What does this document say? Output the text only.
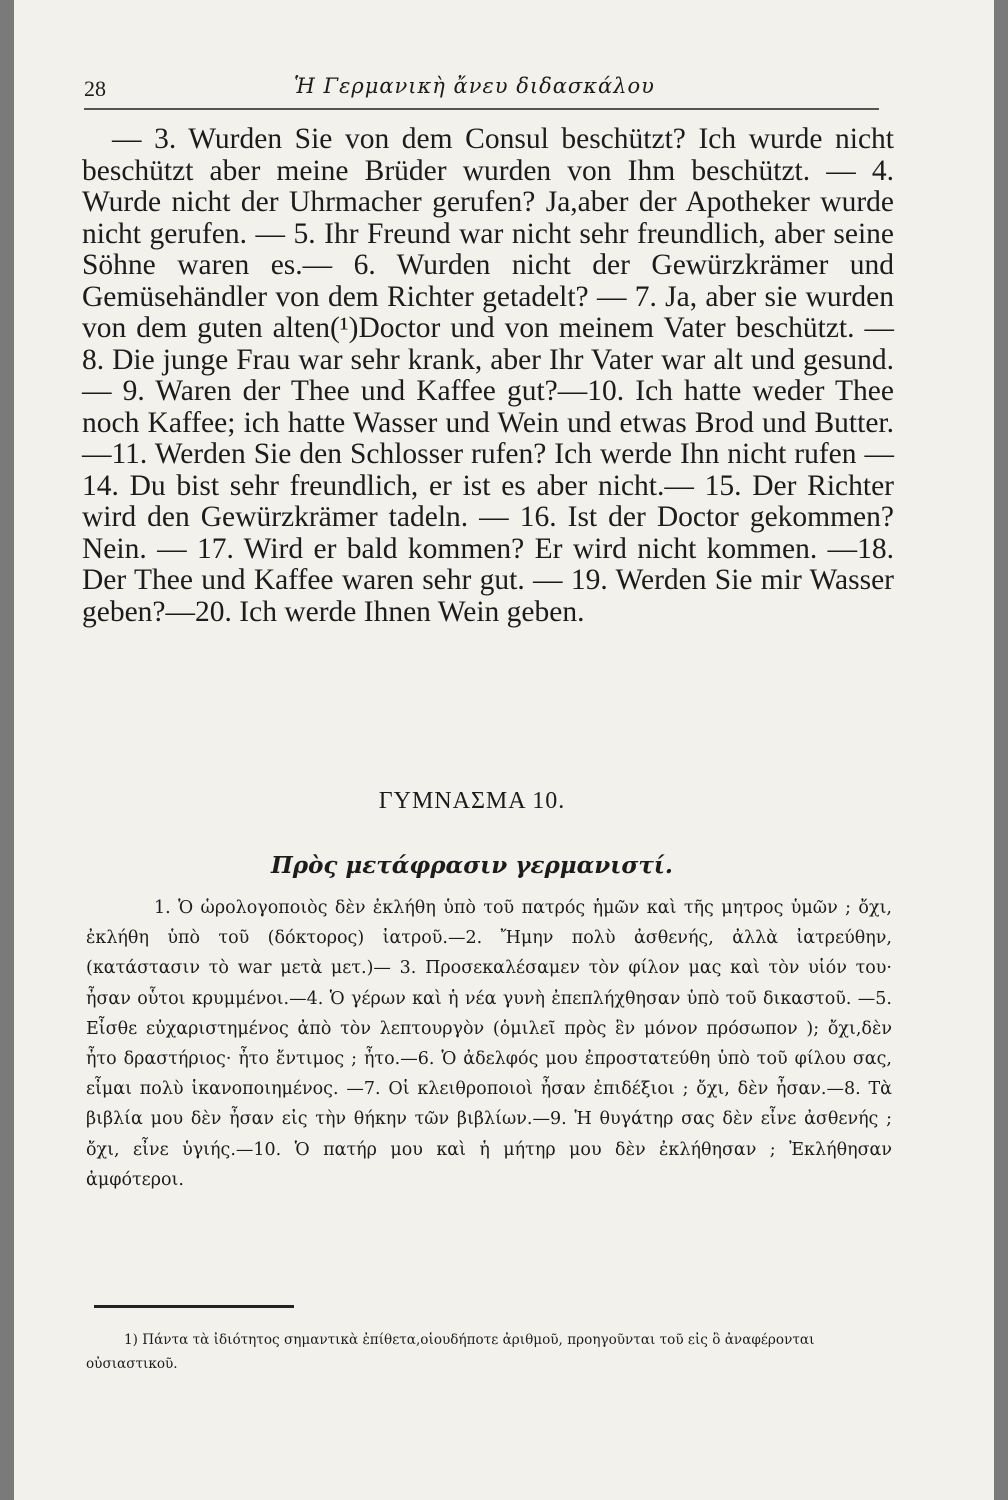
28	Ἡ Γερμανικὴ ἄνευ διδασκάλου

— 3. Wurden Sie von dem Consul beschützt? Ich wurde nicht beschützt aber meine Brüder wurden von Ihm beschützt. — 4. Wurde nicht der Uhrmacher gerufen? Ja,aber der Apotheker wurde nicht gerufen. — 5. Ihr Freund war nicht sehr freundlich, aber seine Söhne waren es.— 6. Wurden nicht der Gewürzkrämer und Gemüsehändler von dem Richter getadelt? — 7. Ja, aber sie wurden von dem guten alten(¹)Doctor und von meinem Vater beschützt. — 8. Die junge Frau war sehr krank, aber Ihr Vater war alt und gesund. — 9. Waren der Thee und Kaffee gut?—10. Ich hatte weder Thee noch Kaffee; ich hatte Wasser und Wein und etwas Brod und Butter.—11. Werden Sie den Schlosser rufen? Ich werde Ihn nicht rufen — 14. Du bist sehr freundlich, er ist es aber nicht.— 15. Der Richter wird den Gewürzkrämer tadeln. — 16. Ist der Doctor gekommen? Nein. — 17. Wird er bald kommen? Er wird nicht kommen. —18. Der Thee und Kaffee waren sehr gut. — 19. Werden Sie mir Wasser geben?—20. Ich werde Ihnen Wein geben.

ΓΥΜΝΑΣΜΑ 10.
Πρὸς μετάφρασιν γερμανιστί.

1. Ὁ ὡρολογοποιὸς δὲν ἐκλήθη ὑπὸ τοῦ πατρός ἡμῶν καὶ τῆς μητρος ὑμῶν ; ὄχι, ἐκλήθη ὑπὸ τοῦ (δόκτορος) ἰατροῦ.—2. Ἤμην πολὺ ἀσθενής, ἀλλὰ ἰατρεύθην, (κατάστασιν τὸ war μετὰ μετ.)— 3. Προσεκαλέσαμεν τὸν φίλον μας καὶ τὸν υἱόν του· ἦσαν οὗτοι κρυμμένοι.—4. Ὁ γέρων καὶ ἡ νέα γυνὴ ἐπεπλήχθησαν ὑπὸ τοῦ δικαστοῦ. —5. Εἶσθε εὐχαριστημένος ἀπὸ τὸν λεπτουργὸν (ὁμιλεῖ πρὸς ἓν μόνον πρόσωπον ); ὄχι,δὲν ἦτο δραστήριος· ἦτο ἔντιμος ; ἦτο.—6. Ὁ ἀδελφός μου ἐπροστατεύθη ὑπὸ τοῦ φίλου σας, εἶμαι πολὺ ἱκανοποιημένος. —7. Οἱ κλειθροποιοὶ ἦσαν ἐπιδέξιοι ; ὄχι, δὲν ἦσαν.—8. Τὰ βιβλία μου δὲν ἦσαν εἰς τὴν θήκην τῶν βιβλίων.—9. Ἡ θυγάτηρ σας δὲν εἶνε ἀσθενής ; ὄχι, εἶνε ὑγιής.—10. Ὁ πατήρ μου καὶ ἡ μήτηρ μου δὲν ἐκλήθησαν ; Ἐκλήθησαν ἀμφότεροι.

1) Πάντα τὰ ἰδιότητος σημαντικὰ ἐπίθετα,οἱουδήποτε ἀριθμοῦ, προηγοῦνται τοῦ εἰς ὃ ἀναφέρονται οὐσιαστικοῦ.
